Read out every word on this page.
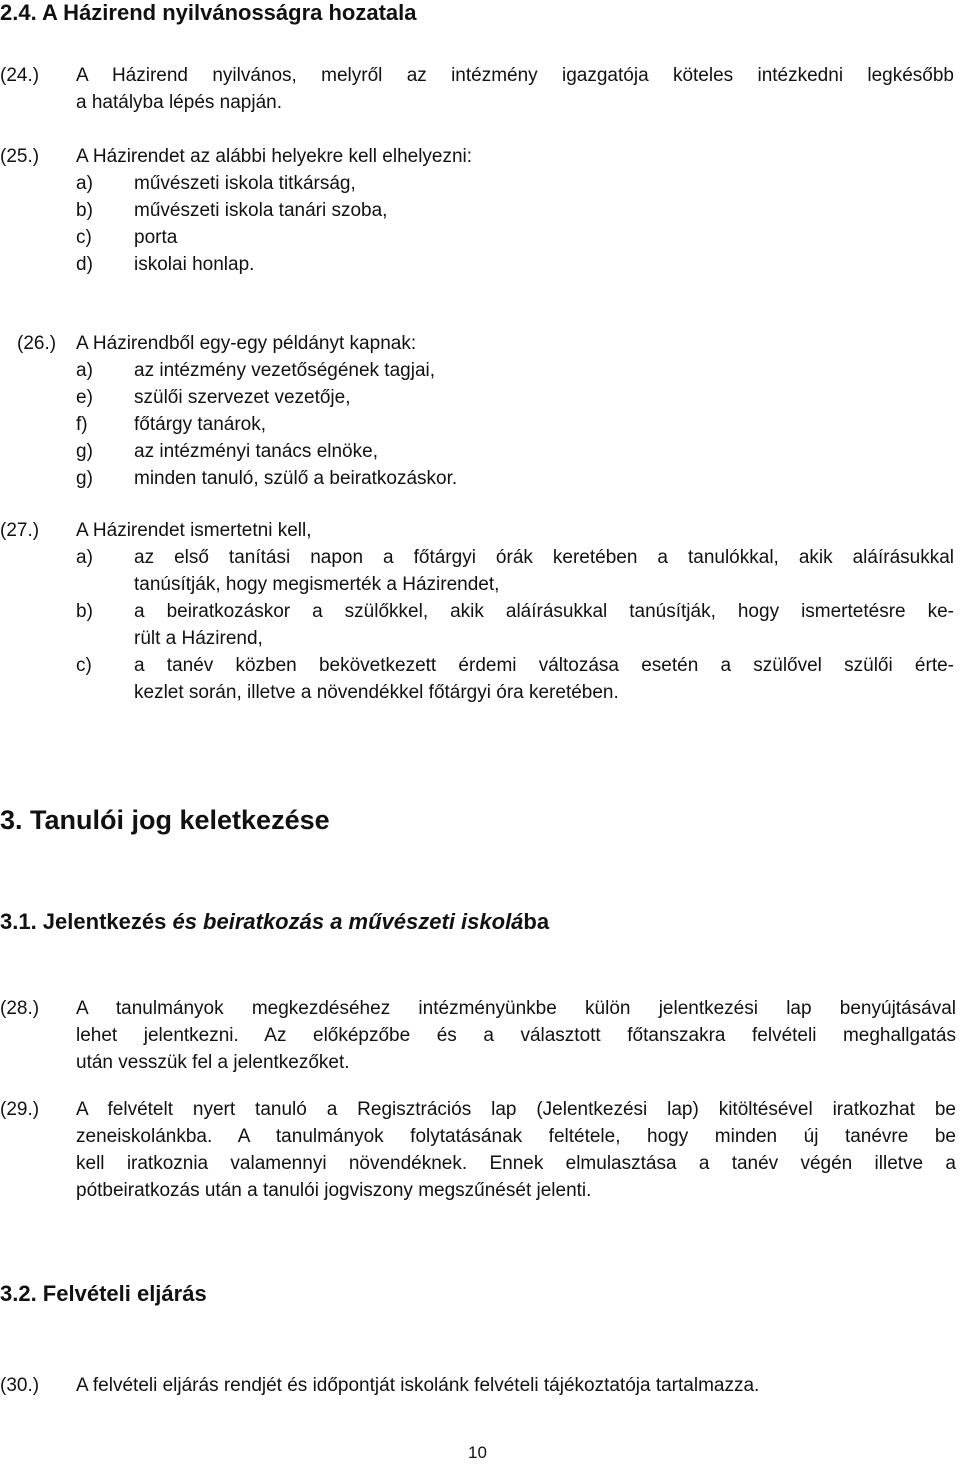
2.4. A Házirend nyilvánosságra hozatala
(24.) A Házirend nyilvános, melyről az intézmény igazgatója köteles intézkedni legkésőbb
a hatályba lépés napján.
(25.) A Házirendet az alábbi helyekre kell elhelyezni:
a) művészeti iskola titkárság,
b) művészeti iskola tanári szoba,
c) porta
d) iskolai honlap.
(26.) A Házirendből egy-egy példányt kapnak:
a) az intézmény vezetőségének tagjai,
e) szülői szervezet vezetője,
f) főtárgy tanárok,
g) az intézményi tanács elnöke,
g) minden tanuló, szülő a beiratkozáskor.
(27.) A Házirendet ismertetni kell,
a) az első tanítási napon a főtárgyi órák keretében a tanulókkal, akik aláírásukkal
tanúsítják, hogy megismerték a Házirendet,
b) a beiratkozáskor a szülőkkel, akik aláírásukkal tanúsítják, hogy ismertetésre ke-
rült a Házirend,
c) a tanév közben bekövetkezett érdemi változása esetén a szülővel szülői érte-
kezlet során, illetve a növendékkel főtárgyi óra keretében.
3. Tanulói jog keletkezése
3.1. Jelentkezés és beiratkozás a művészeti iskolába
(28.) A tanulmányok megkezdéséhez intézményünkbe külön jelentkezési lap benyújtásával
lehet jelentkezni. Az előképzőbe és a választott főtanszakra felvételi meghallgatás
után vesszük fel a jelentkezőket.
(29.) A felvételt nyert tanuló a Regisztrációs lap (Jelentkezési lap) kitöltésével iratkozhat be
zeneiskolánkba. A tanulmányok folytatásának feltétele, hogy minden új tanévre be
kell iratkoznia valamennyi növendéknek. Ennek elmulasztása a tanév végén illetve a
pótbeiratkozás után a tanulói jogviszony megszűnését jelenti.
3.2. Felvételi eljárás
(30.) A felvételi eljárás rendjét és időpontját iskolánk felvételi tájékoztatója tartalmazza.
10
